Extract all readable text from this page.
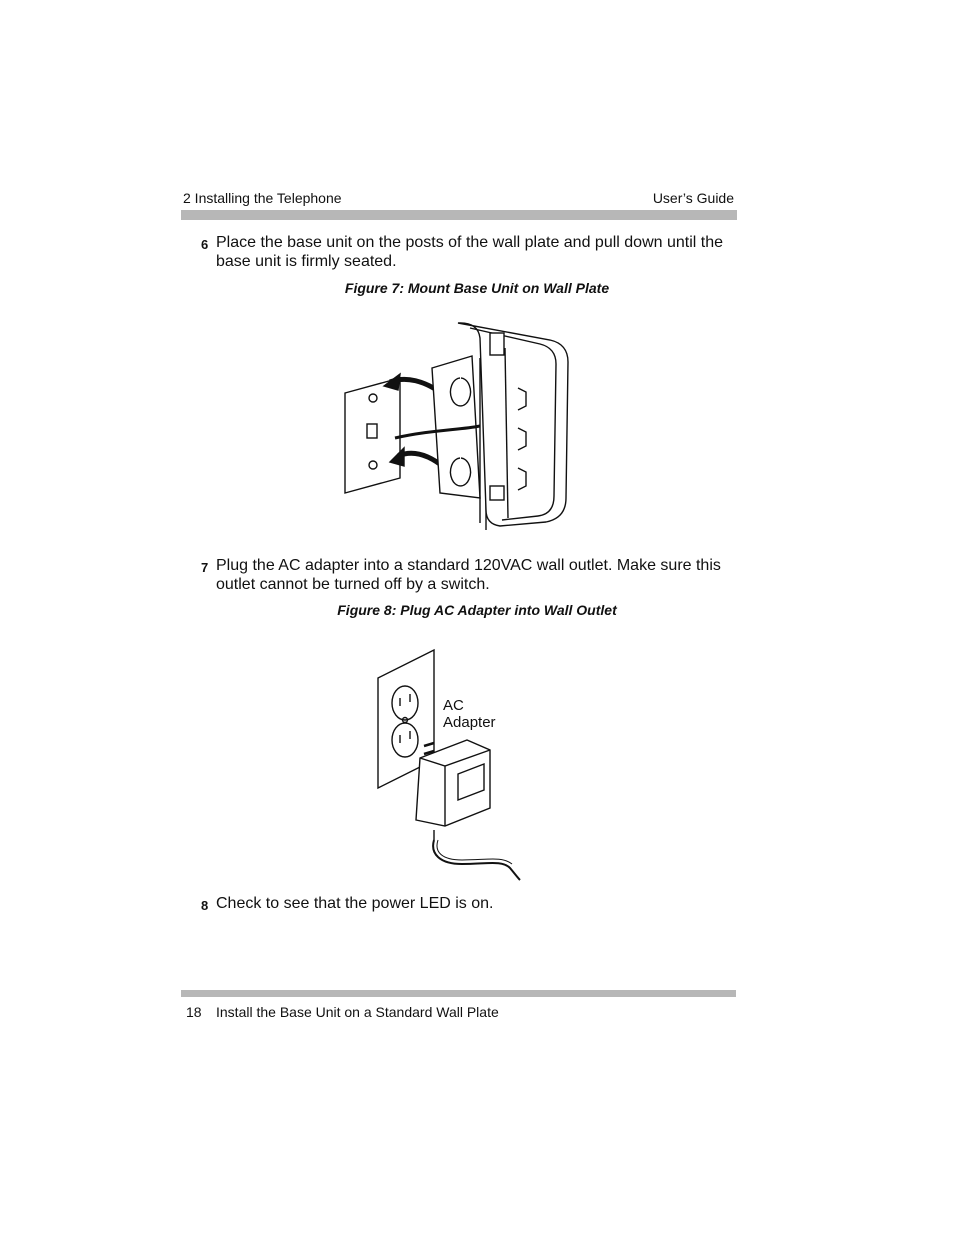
2 Installing the Telephone	User’s Guide
6 Place the base unit on the posts of the wall plate and pull down until the base unit is firmly seated.
Figure 7: Mount Base Unit on Wall Plate
7 Plug the AC adapter into a standard 120VAC wall outlet. Make sure this outlet cannot be turned off by a switch.
Figure 8: Plug AC Adapter into Wall Outlet
AC
Adapter
8 Check to see that the power LED is on.
18 Install the Base Unit on a Standard Wall Plate
